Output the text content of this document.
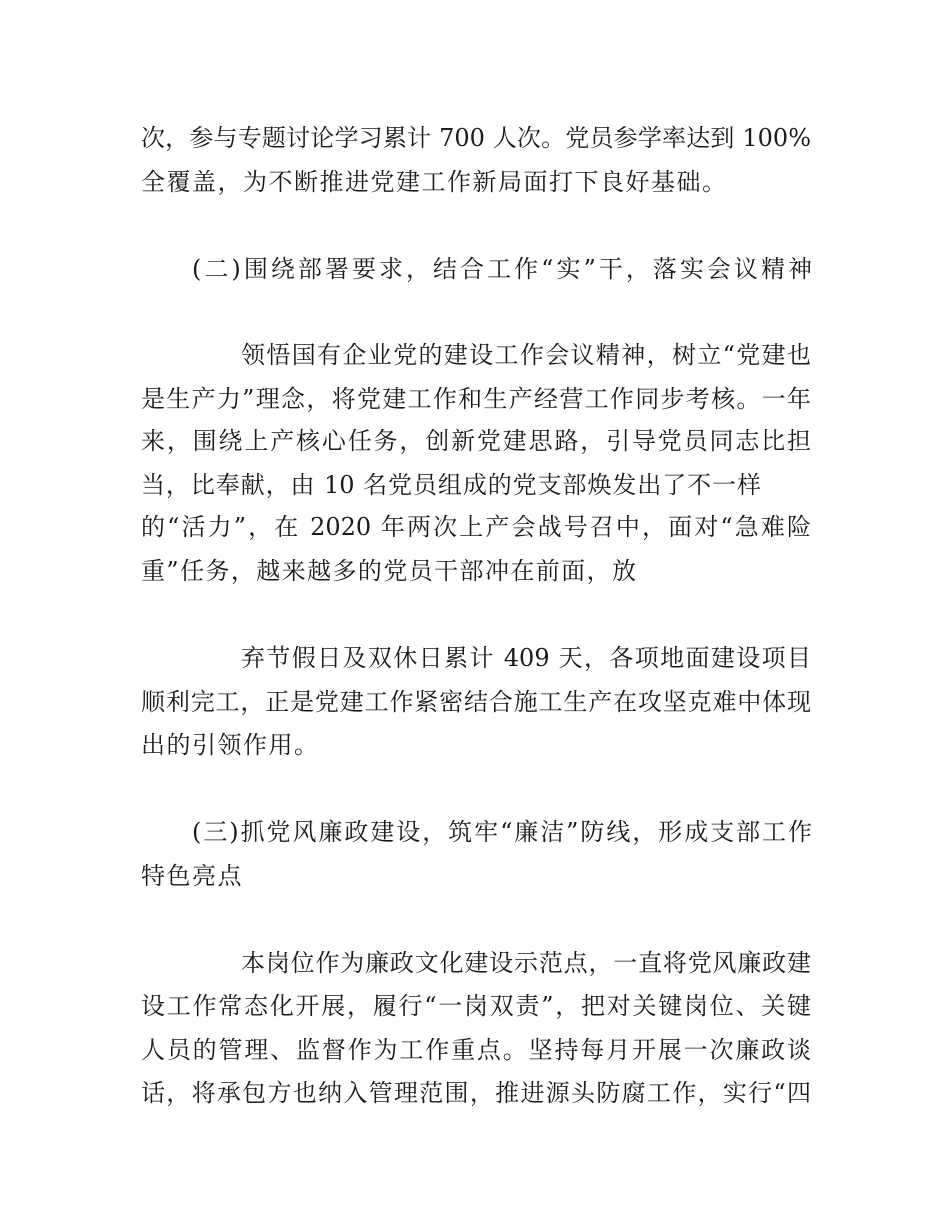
次，参与专题讨论学习累计 700 人次。党员参学率达到 100%
全覆盖，为不断推进党建工作新局面打下良好基础。
(二)围绕部署要求，结合工作“实”干，落实会议精神
领悟国有企业党的建设工作会议精神，树立“党建也
是生产力”理念，将党建工作和生产经营工作同步考核。一年
来，围绕上产核心任务，创新党建思路，引导党员同志比担
当，比奉献，由 10 名党员组成的党支部焕发出了不一样
的“活力”，在 2020 年两次上产会战号召中，面对“急难险
重”任务，越来越多的党员干部冲在前面，放
弃节假日及双休日累计 409 天，各项地面建设项目
顺利完工，正是党建工作紧密结合施工生产在攻坚克难中体现
出的引领作用。
(三)抓党风廉政建设，筑牢“廉洁”防线，形成支部工作
特色亮点
本岗位作为廉政文化建设示范点，一直将党风廉政建
设工作常态化开展，履行“一岗双责”，把对关键岗位、关键
人员的管理、监督作为工作重点。坚持每月开展一次廉政谈
话，将承包方也纳入管理范围，推进源头防腐工作，实行“四
